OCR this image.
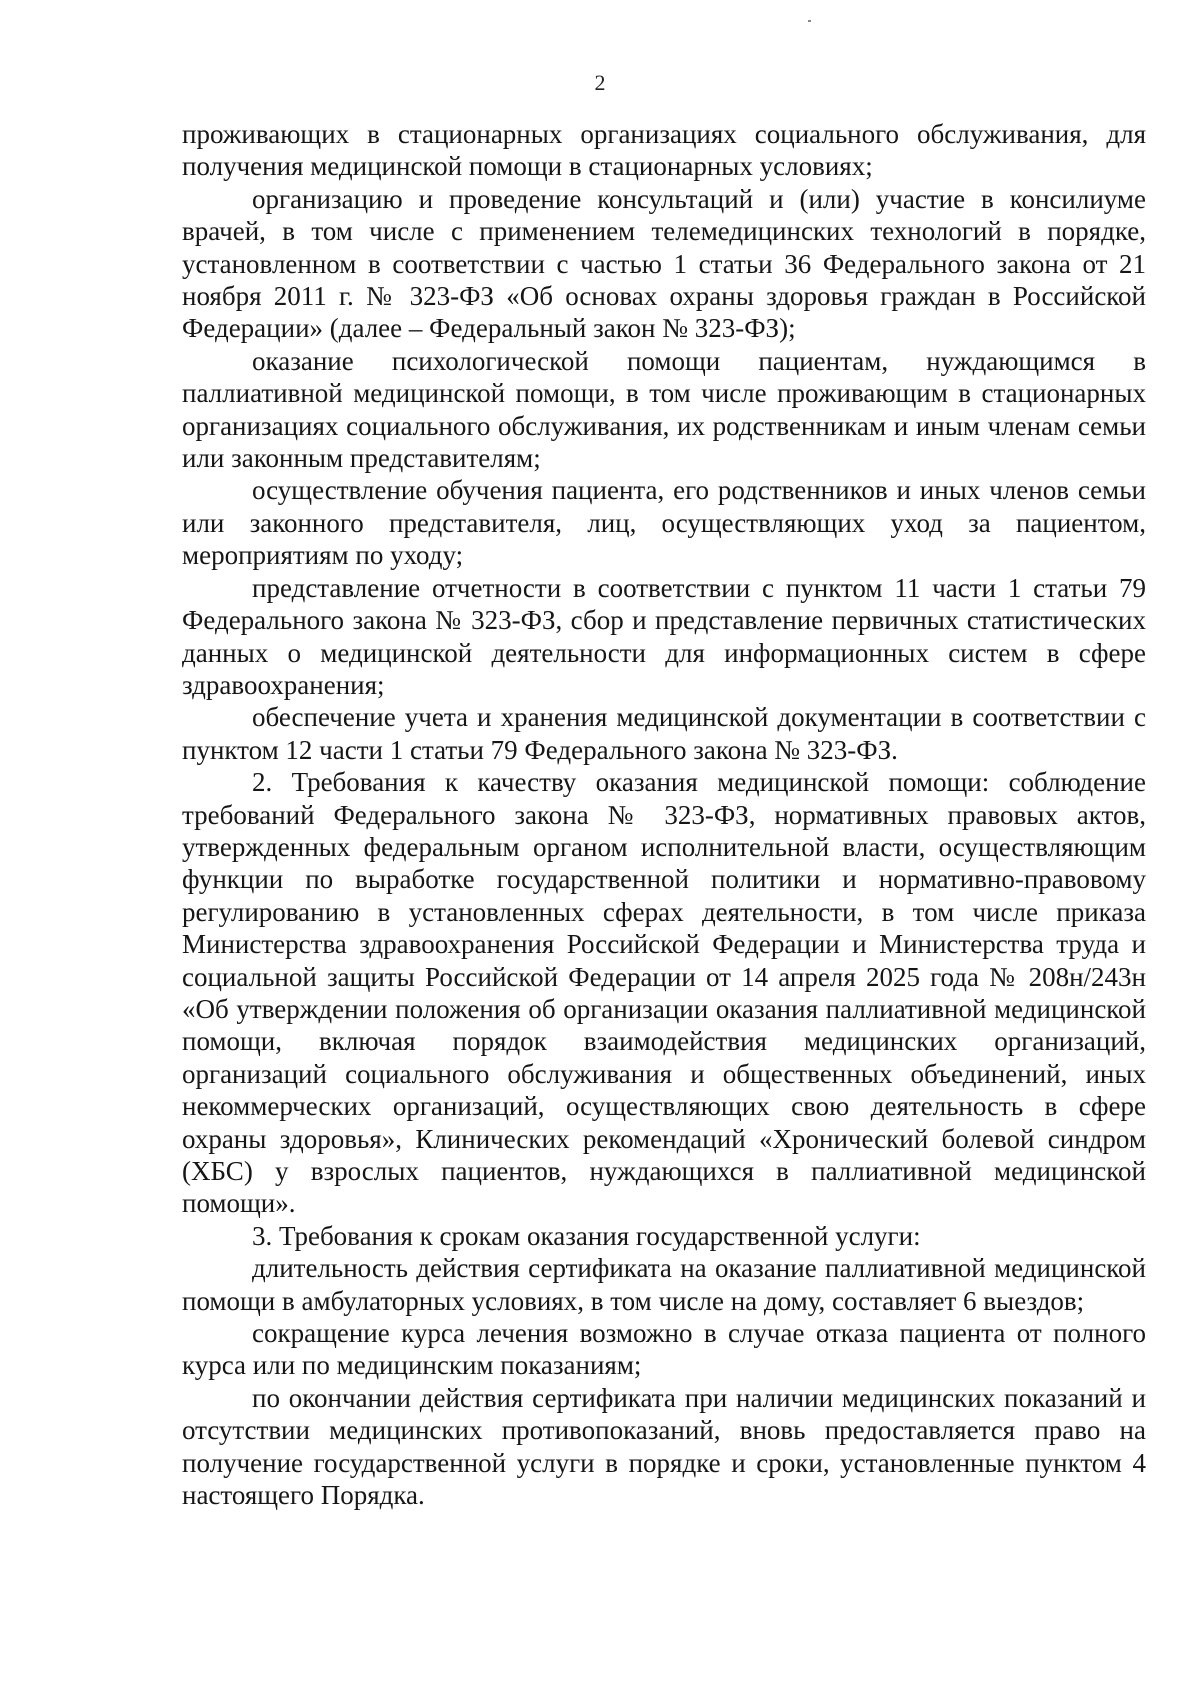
2

проживающих в стационарных организациях социального обслуживания, для получения медицинской помощи в стационарных условиях;

организацию и проведение консультаций и (или) участие в консилиуме врачей, в том числе с применением телемедицинских технологий в порядке, установленном в соответствии с частью 1 статьи 36 Федерального закона от 21 ноября 2011 г. № 323-ФЗ «Об основах охраны здоровья граждан в Российской Федерации» (далее – Федеральный закон № 323-ФЗ);

оказание психологической помощи пациентам, нуждающимся в паллиативной медицинской помощи, в том числе проживающим в стационарных организациях социального обслуживания, их родственникам и иным членам семьи или законным представителям;

осуществление обучения пациента, его родственников и иных членов семьи или законного представителя, лиц, осуществляющих уход за пациентом, мероприятиям по уходу;

представление отчетности в соответствии с пунктом 11 части 1 статьи 79 Федерального закона № 323-ФЗ, сбор и представление первичных статистических данных о медицинской деятельности для информационных систем в сфере здравоохранения;

обеспечение учета и хранения медицинской документации в соответствии с пунктом 12 части 1 статьи 79 Федерального закона № 323-ФЗ.

2. Требования к качеству оказания медицинской помощи: соблюдение требований Федерального закона № 323-ФЗ, нормативных правовых актов, утвержденных федеральным органом исполнительной власти, осуществляющим функции по выработке государственной политики и нормативно-правовому регулированию в установленных сферах деятельности, в том числе приказа Министерства здравоохранения Российской Федерации и Министерства труда и социальной защиты Российской Федерации от 14 апреля 2025 года № 208н/243н «Об утверждении положения об организации оказания паллиативной медицинской помощи, включая порядок взаимодействия медицинских организаций, организаций социального обслуживания и общественных объединений, иных некоммерческих организаций, осуществляющих свою деятельность в сфере охраны здоровья», Клинических рекомендаций «Хронический болевой синдром (ХБС) у взрослых пациентов, нуждающихся в паллиативной медицинской помощи».

3. Требования к срокам оказания государственной услуги:

длительность действия сертификата на оказание паллиативной медицинской помощи в амбулаторных условиях, в том числе на дому, составляет 6 выездов;

сокращение курса лечения возможно в случае отказа пациента от полного курса или по медицинским показаниям;

по окончании действия сертификата при наличии медицинских показаний и отсутствии медицинских противопоказаний, вновь предоставляется право на получение государственной услуги в порядке и сроки, установленные пунктом 4 настоящего Порядка.
